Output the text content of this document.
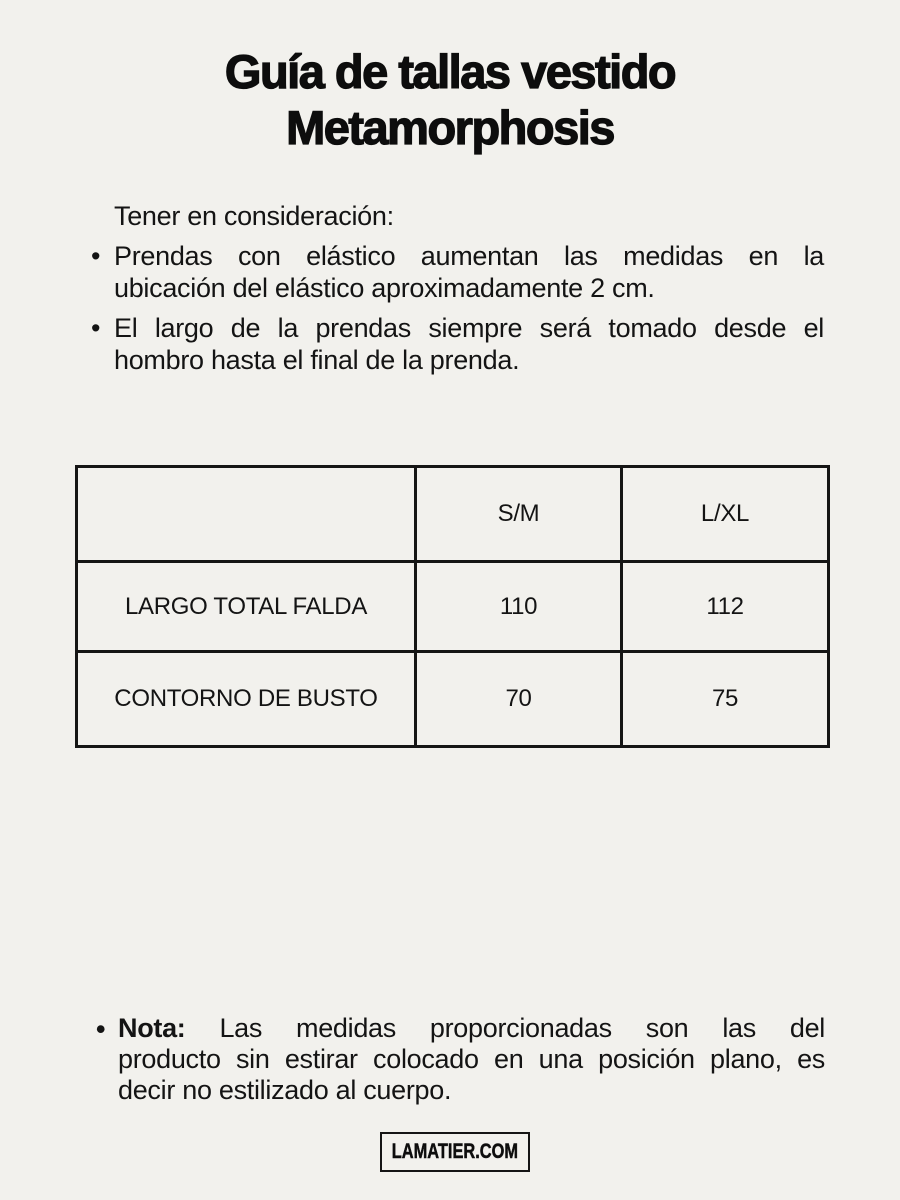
Guía de tallas vestido
Metamorphosis
Tener en consideración:
• Prendas con elástico aumentan las medidas en la
ubicación del elástico aproximadamente 2 cm.
• El largo de la prendas siempre será tomado desde el
hombro hasta el final de la prenda.
	S/M	L/XL
LARGO TOTAL FALDA	110	112
CONTORNO DE BUSTO	70	75
• Nota: Las medidas proporcionadas son las del
producto sin estirar colocado en una posición plano, es
decir no estilizado al cuerpo.
LAMATIER.COM
